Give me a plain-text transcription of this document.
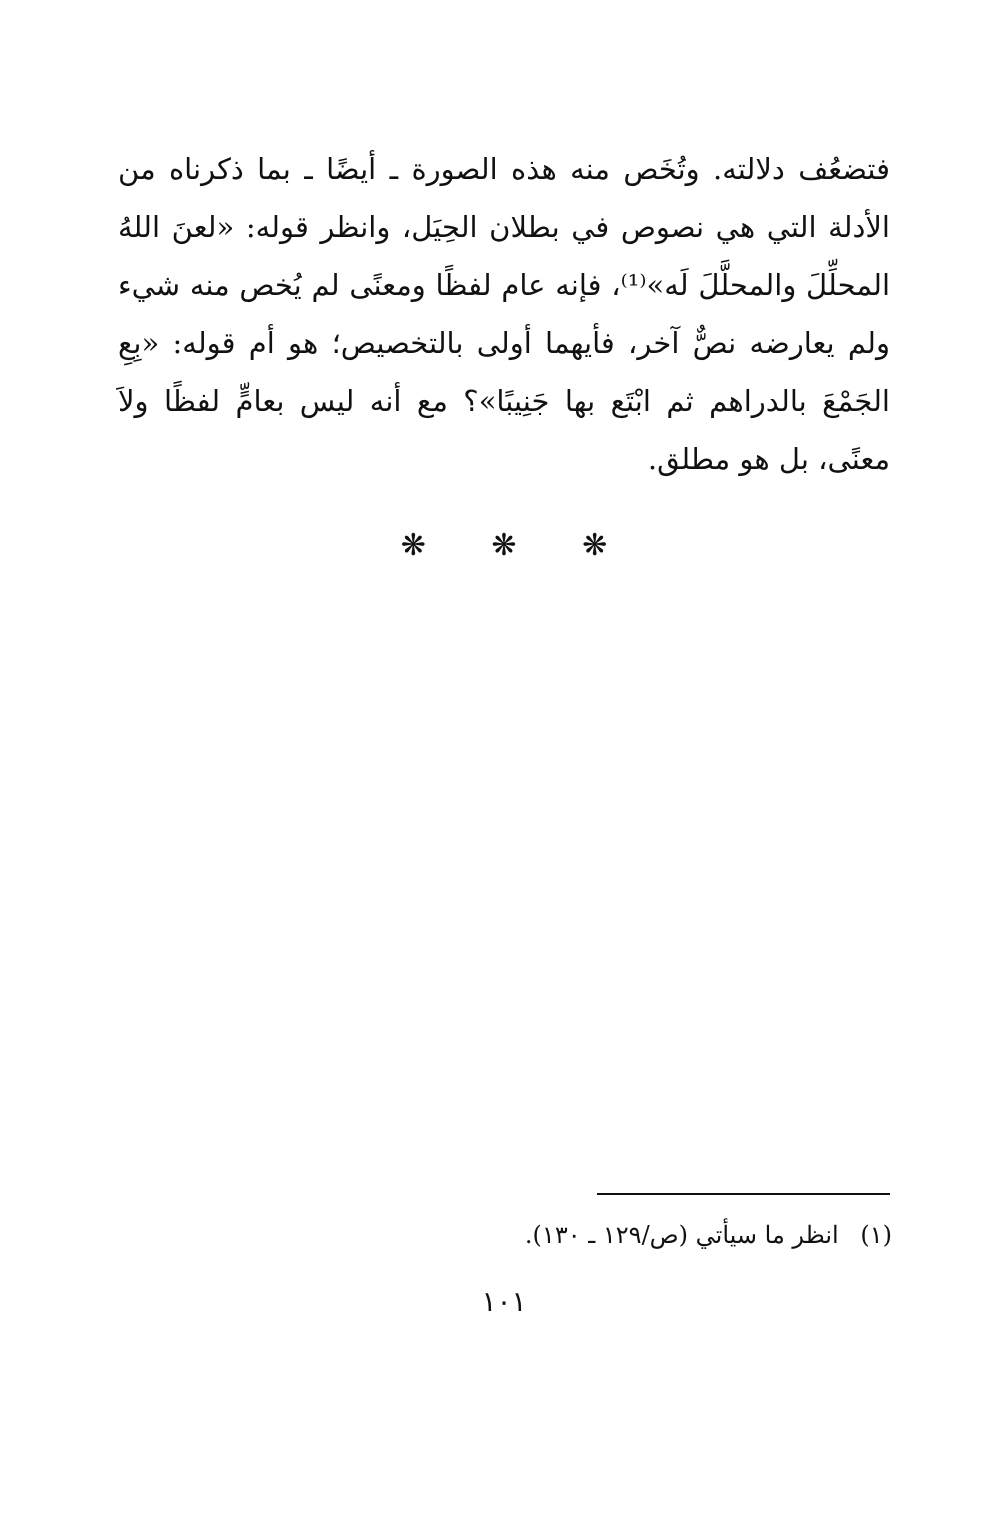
فتضعُف دلالته. وتُخَص منه هذه الصورة ـ أيضًا ـ بما ذكرناه من
الأدلة التي هي نصوص في بطلان الحِيَل، وانظر قوله: «لعنَ اللهُ
المحلِّلَ والمحلَّلَ لَه»⁽¹⁾، فإنه عام لفظًا ومعنًى لم يُخص منه شيء
ولم يعارضه نصٌّ آخر، فأيهما أولى بالتخصيص؛ هو أم قوله: «بِعِ
الجَمْعَ بالدراهم ثم ابْتَع بها جَنِيبًا»؟ مع أنه ليس بعامٍّ لفظًا ولاَ
معنًى، بل هو مطلق.
❋ ❋ ❋
(١) انظر ما سيأتي (ص/١٢٩ ـ ١٣٠).
١٠١
